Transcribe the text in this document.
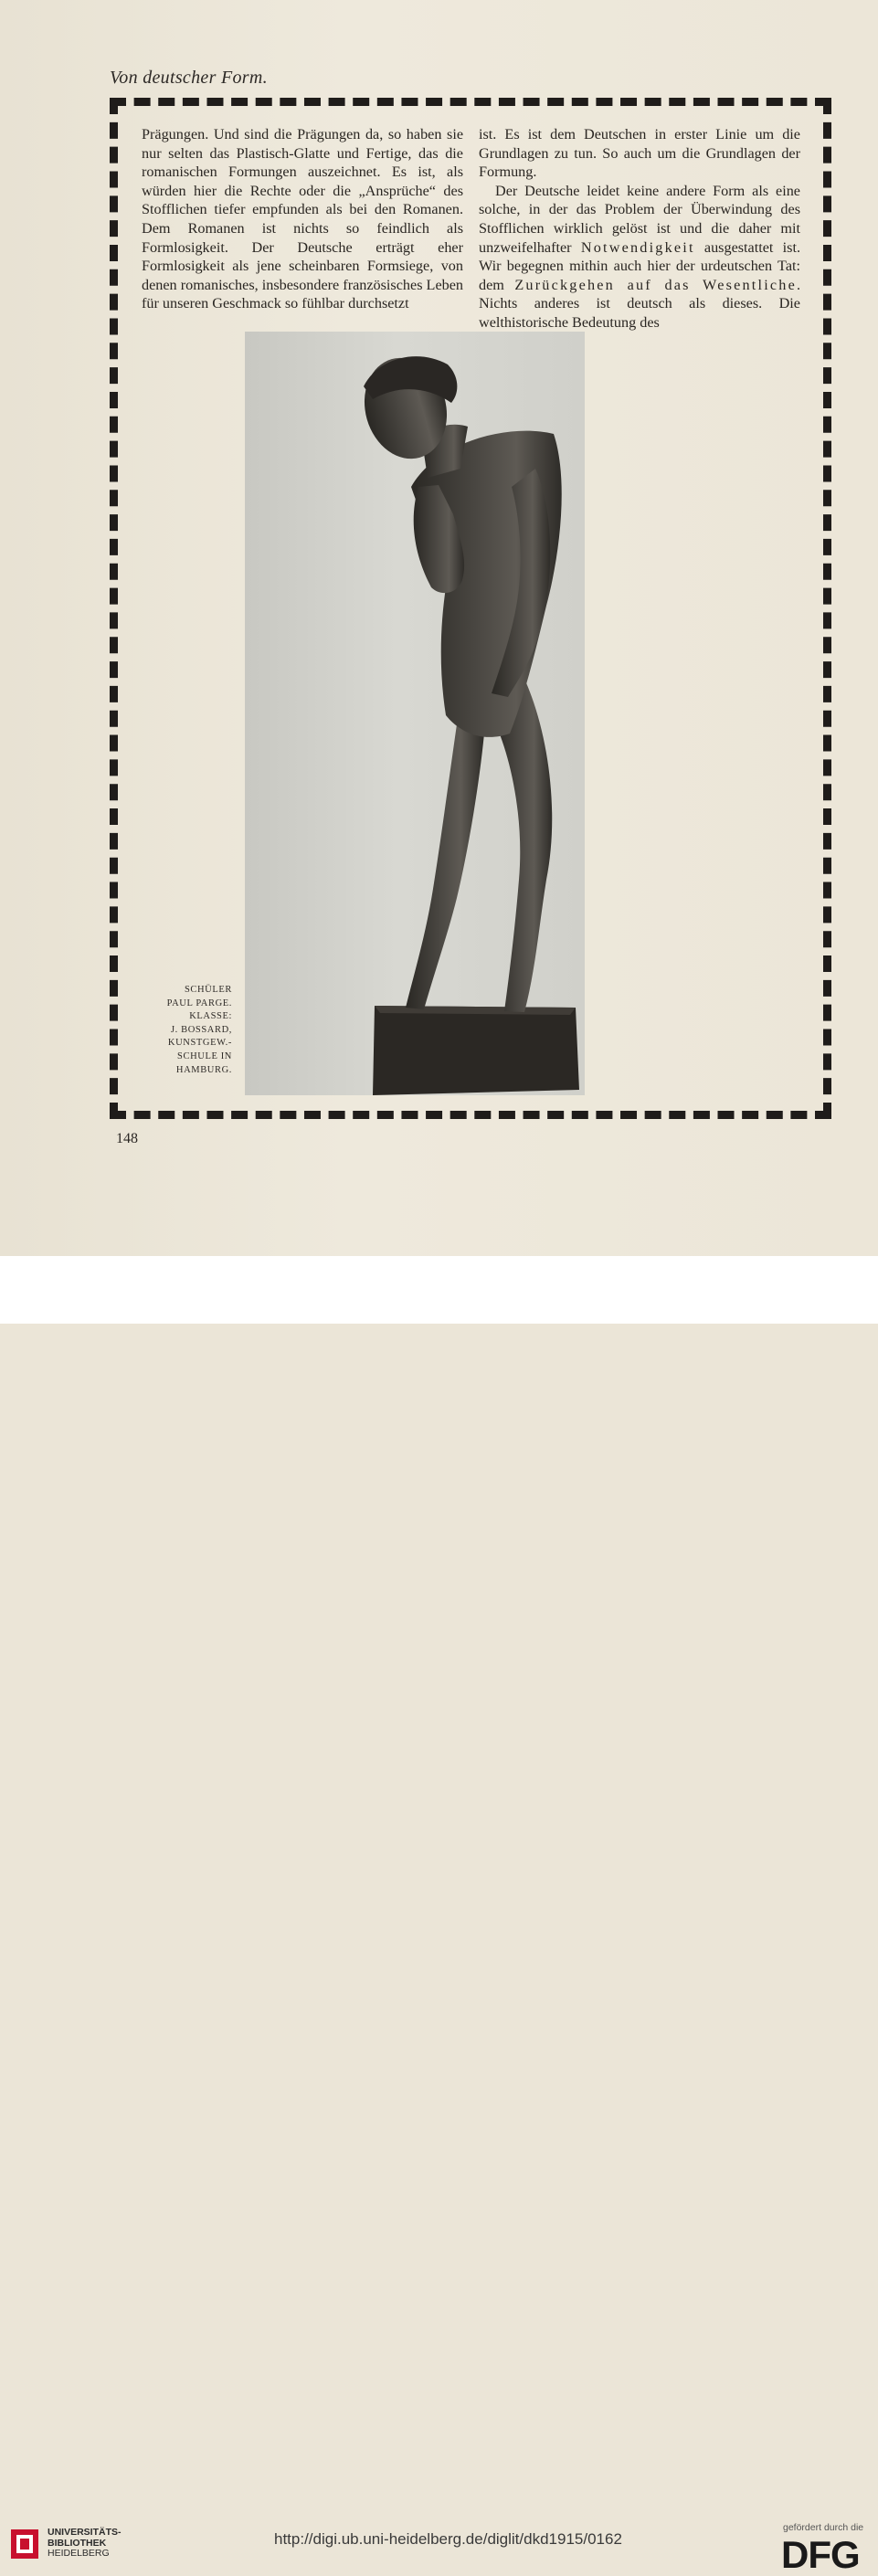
Von deutscher Form.

Prägungen. Und sind die Prägungen da, so haben sie nur selten das Plastisch-Glatte und Fertige, das die romanischen Formungen auszeichnet. Es ist, als würden hier die Rechte oder die „Ansprüche“ des Stofflichen tiefer empfunden als bei den Romanen. Dem Romanen ist nichts so feindlich als Formlosigkeit. Der Deutsche erträgt eher Formlosigkeit als jene scheinbaren Formsiege, von denen romanisches, insbesondere französisches Leben für unseren Geschmack so fühlbar durchsetzt

ist. Es ist dem Deutschen in erster Linie um die Grundlagen zu tun. So auch um die Grundlagen der Formung.

Der Deutsche leidet keine andere Form als eine solche, in der das Problem der Überwindung des Stofflichen wirklich gelöst ist und die daher mit unzweifelhafter Notwendigkeit ausgestattet ist. Wir begegnen mithin auch hier der urdeutschen Tat: dem Zurückgehen auf das Wesentliche. Nichts anderes ist deutsch als dieses. Die welthistorische Bedeutung des

SCHÜLER
PAUL PARGE.
KLASSE:
J. BOSSARD,
KUNSTGEW.-
SCHULE IN
HAMBURG.
148
UNIVERSITÄTS-
BIBLIOTHEK
HEIDELBERG
http://digi.ub.uni-heidelberg.de/diglit/dkd1915/0162
gefördert durch die
DFG
